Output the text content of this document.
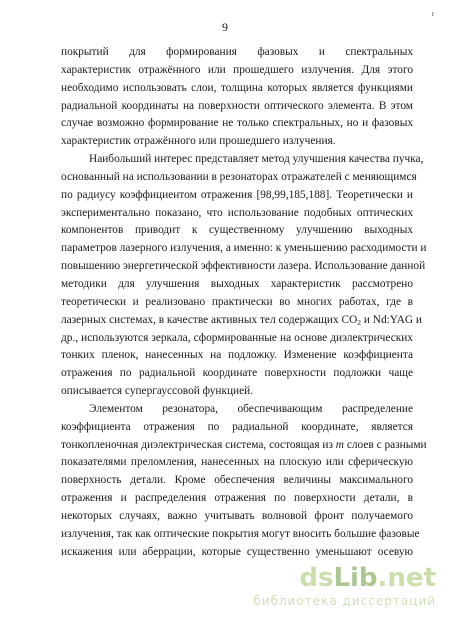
ı
9

покрытий для формирования фазовых и спектральных
характеристик отражённого или прошедшего излучения. Для этого
необходимо использовать слои, толщина которых является функциями
радиальной координаты на поверхности оптического элемента. В этом
случае возможно формирование не только спектральных, но и фазовых
характеристик отражённого или прошедшего излучения.

Наибольший интерес представляет метод улучшения качества пучка,
основанный на использовании в резонаторах отражателей с меняющимся
по радиусу коэффициентом отражения [98,99,185,188]. Теоретически и
экспериментально показано, что использование подобных оптических
компонентов приводит к существенному улучшению выходных
параметров лазерного излучения, а именно: к уменьшению расходимости и
повышению энергетической эффективности лазера. Использование данной
методики для улучшения выходных характеристик рассмотрено
теоретически и реализовано практически во многих работах, где в
лазерных системах, в качестве активных тел содержащих $CO_2$ и Nd:YAG и
др., используются зеркала, сформированные на основе диэлектрических
тонких пленок, нанесенных на подложку. Изменение коэффициента
отражения по радиальной координате поверхности подложки чаще
описывается супергауссовой функцией.

Элементом резонатора, обеспечивающим распределение
коэффициента отражения по радиальной координате, является
тонкопленочная диэлектрическая система, состоящая из m слоев с разными
показателями преломления, нанесенных на плоскую или сферическую
поверхность детали. Кроме обеспечения величины максимального
отражения и распределения отражения по поверхности детали, в
некоторых случаях, важно учитывать волновой фронт получаемого
излучения, так как оптические покрытия могут вносить большие фазовые
искажения или аберрации, которые существенно уменьшают осевую

dsLib.net
библиотека диссертаций
